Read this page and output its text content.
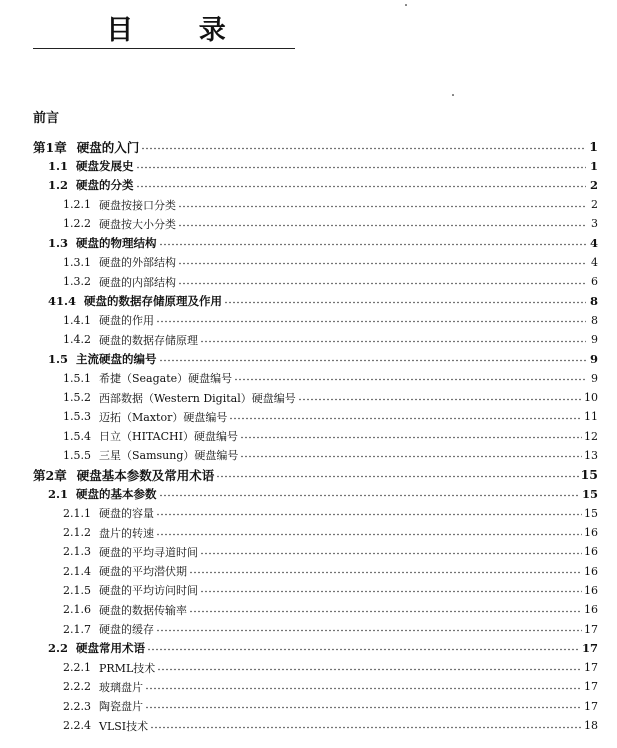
目 录
前言
第1章 硬盘的入门	1
1.1 硬盘发展史	1
1.2 硬盘的分类	2
1.2.1 硬盘按接口分类	2
1.2.2 硬盘按大小分类	3
1.3 硬盘的物理结构	4
1.3.1 硬盘的外部结构	4
1.3.2 硬盘的内部结构	6
41.4 硬盘的数据存储原理及作用	8
1.4.1 硬盘的作用	8
1.4.2 硬盘的数据存储原理	9
1.5 主流硬盘的编号	9
1.5.1 希捷（Seagate）硬盘编号	9
1.5.2 西部数据（Western Digital）硬盘编号	10
1.5.3 迈拓（Maxtor）硬盘编号	11
1.5.4 日立（HITACHI）硬盘编号	12
1.5.5 三星（Samsung）硬盘编号	13
第2章 硬盘基本参数及常用术语	15
2.1 硬盘的基本参数	15
2.1.1 硬盘的容量	15
2.1.2 盘片的转速	16
2.1.3 硬盘的平均寻道时间	16
2.1.4 硬盘的平均潜伏期	16
2.1.5 硬盘的平均访问时间	16
2.1.6 硬盘的数据传输率	16
2.1.7 硬盘的缓存	17
2.2 硬盘常用术语	17
2.2.1 PRML技术	17
2.2.2 玻璃盘片	17
2.2.3 陶瓷盘片	17
2.2.4 VLSI技术	18
